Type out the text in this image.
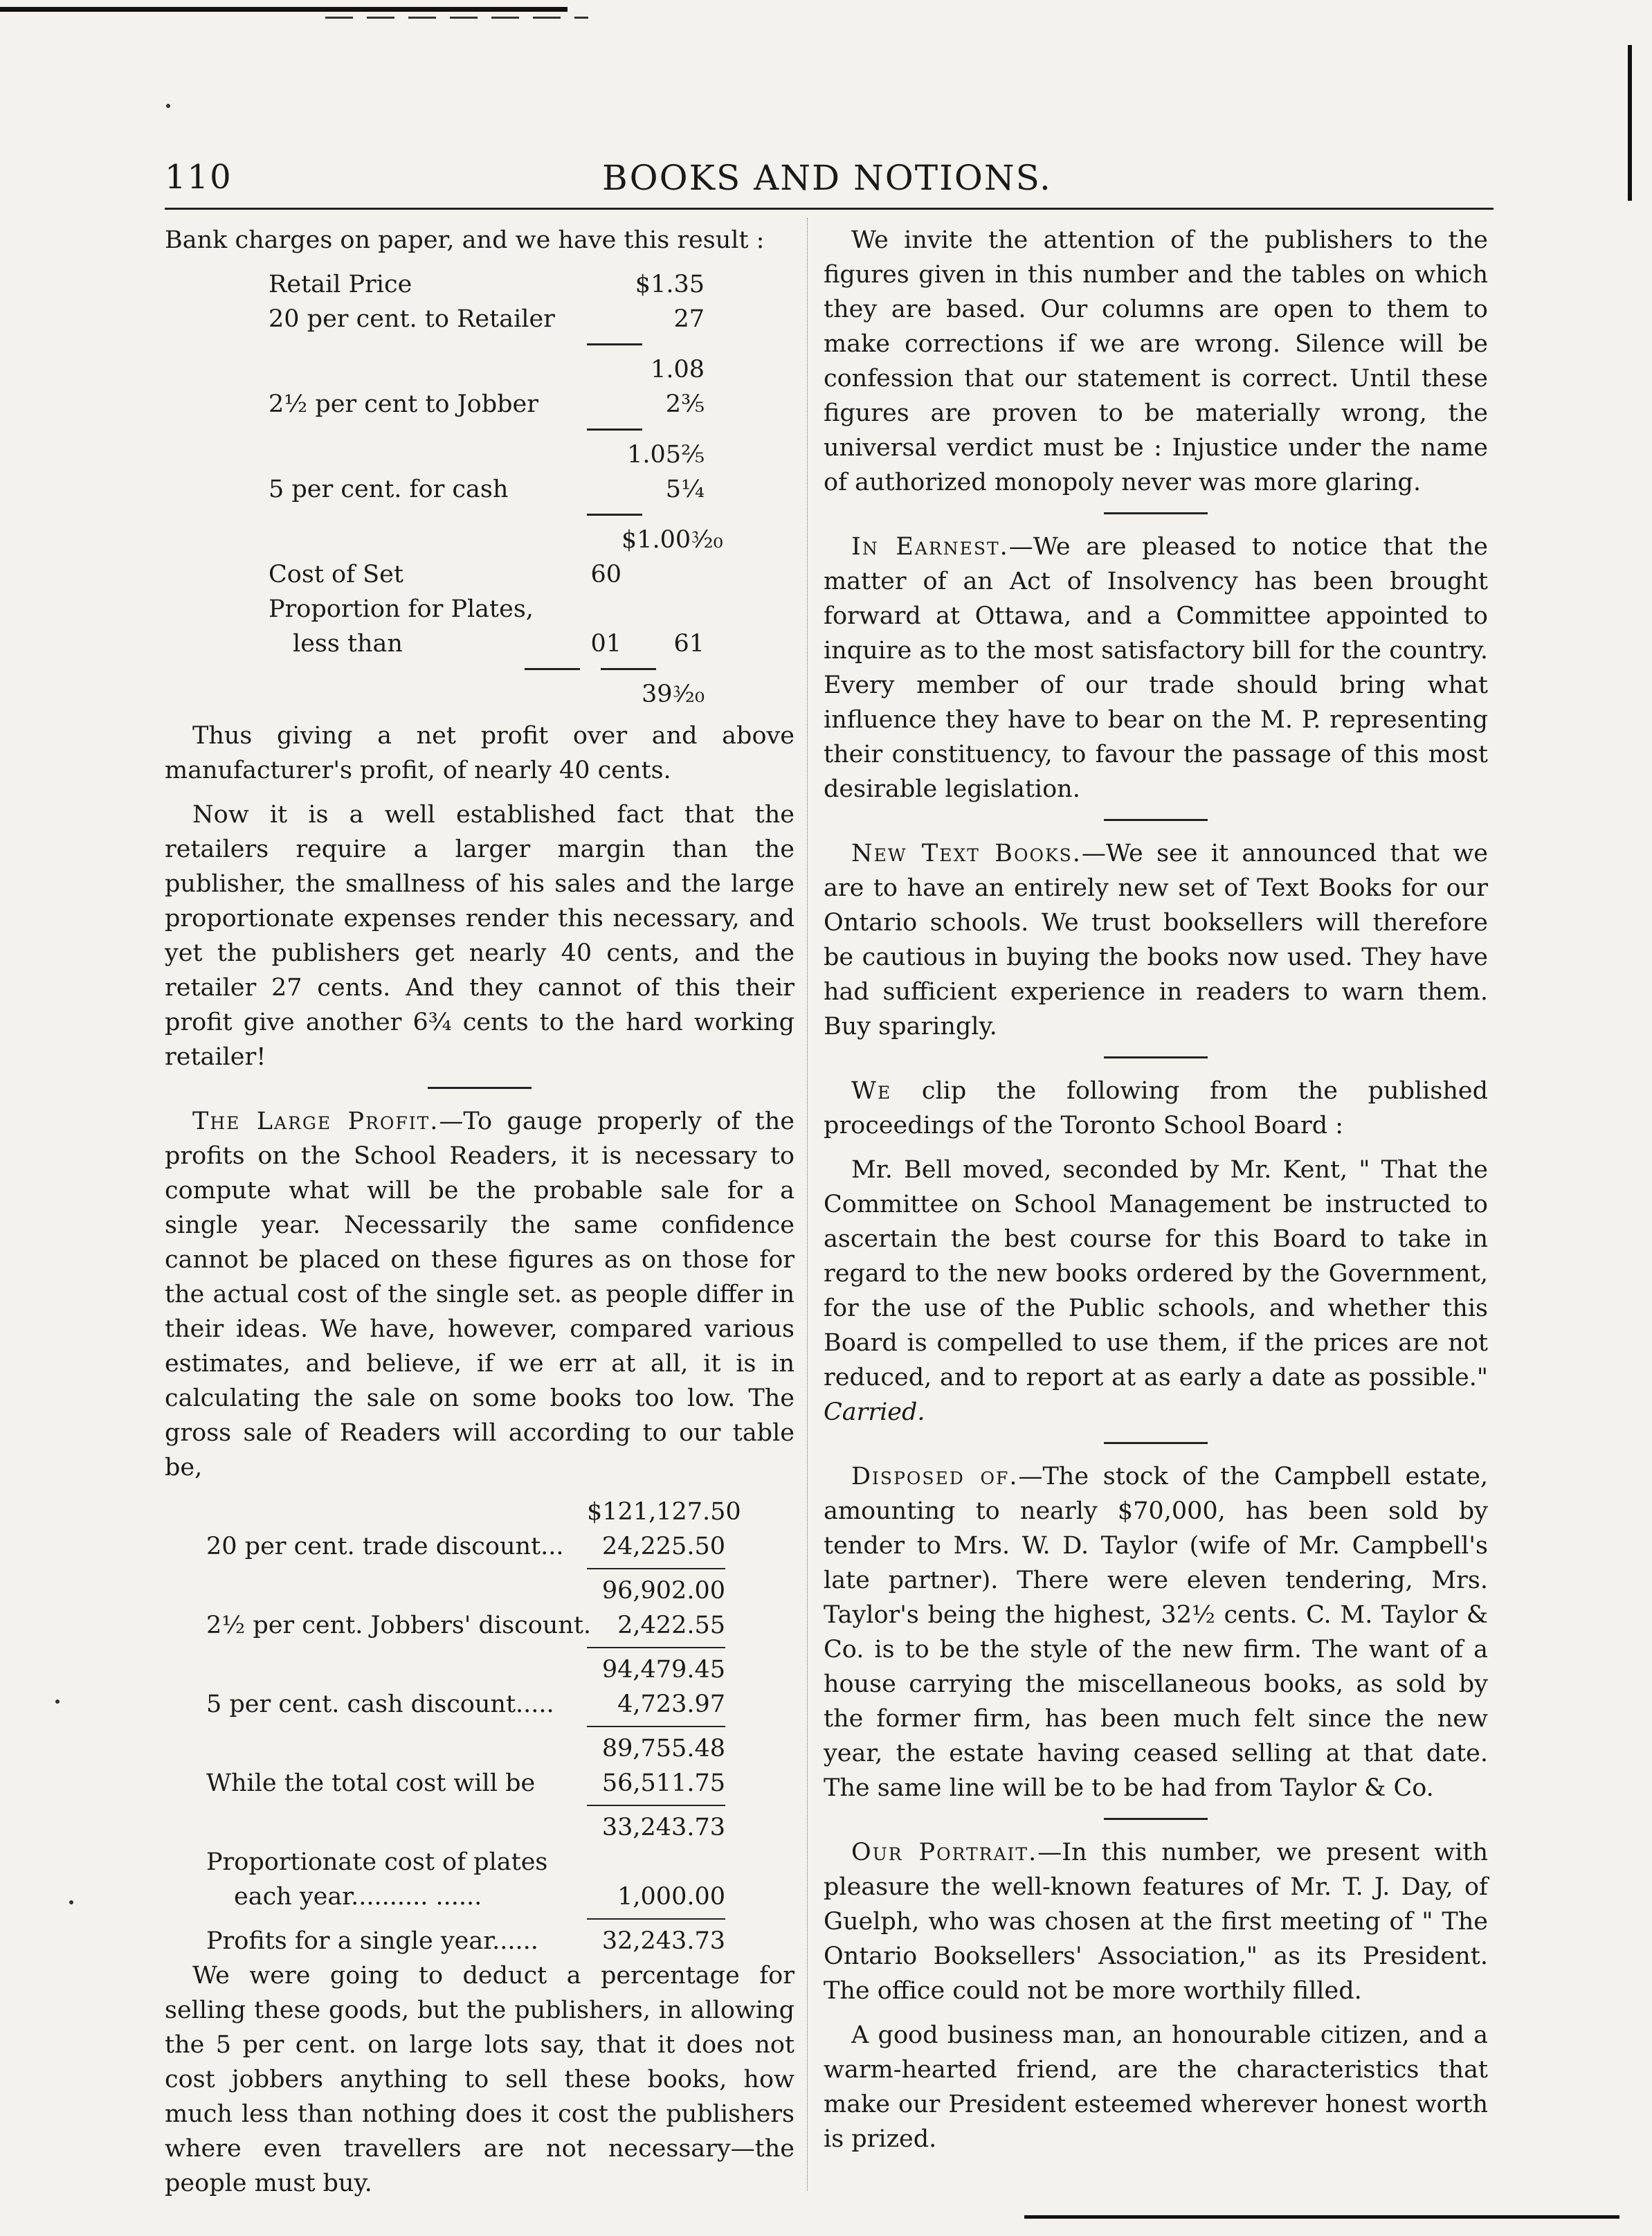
110	BOOKS AND NOTIONS.

Bank charges on paper, and we have this result :

Retail Price	$1.35
20 per cent. to Retailer	27
1.08
2½ per cent to Jobber	2⅗
1.05⅖
5 per cent. for cash	5¼
$1.00⁳⁄₂₀
Cost of Set	60
Proportion for Plates,
less than	01	61
39⁳⁄₂₀

Thus giving a net profit over and above manufacturer's profit, of nearly 40 cents.

Now it is a well established fact that the retailers require a larger margin than the publisher, the smallness of his sales and the large proportionate expenses render this necessary, and yet the publishers get nearly 40 cents, and the retailer 27 cents. And they cannot of this their profit give another 6¾ cents to the hard working retailer!

The Large Profit.—To gauge properly of the profits on the School Readers, it is necessary to compute what will be the probable sale for a single year. Necessarily the same confidence cannot be placed on these figures as on those for the actual cost of the single set. as people differ in their ideas. We have, however, compared various estimates, and believe, if we err at all, it is in calculating the sale on some books too low. The gross sale of Readers will according to our table be,

$121,127.50
20 per cent. trade discount...	24,225.50
96,902.00
2½ per cent. Jobbers' discount.	2,422.55
94,479.45
5 per cent. cash discount.....	4,723.97
89,755.48
While the total cost will be	56,511.75
33,243.73
Proportionate cost of plates
each year.......... ......	1,000.00
Profits for a single year......	32,243.73

We were going to deduct a percentage for selling these goods, but the publishers, in allowing the 5 per cent. on large lots say, that it does not cost jobbers anything to sell these books, how much less than nothing does it cost the publishers where even travellers are not necessary—the people must buy.

We invite the attention of the publishers to the figures given in this number and the tables on which they are based. Our columns are open to them to make corrections if we are wrong. Silence will be confession that our statement is correct. Until these figures are proven to be materially wrong, the universal verdict must be : Injustice under the name of authorized monopoly never was more glaring.

In Earnest.—We are pleased to notice that the matter of an Act of Insolvency has been brought forward at Ottawa, and a Committee appointed to inquire as to the most satisfactory bill for the country. Every member of our trade should bring what influence they have to bear on the M. P. representing their constituency, to favour the passage of this most desirable legislation.

New Text Books.—We see it announced that we are to have an entirely new set of Text Books for our Ontario schools. We trust booksellers will therefore be cautious in buying the books now used. They have had sufficient experience in readers to warn them. Buy sparingly.

We clip the following from the published proceedings of the Toronto School Board :

Mr. Bell moved, seconded by Mr. Kent, " That the Committee on School Management be instructed to ascertain the best course for this Board to take in regard to the new books ordered by the Government, for the use of the Public schools, and whether this Board is compelled to use them, if the prices are not reduced, and to report at as early a date as possible." Carried.

Disposed of.—The stock of the Campbell estate, amounting to nearly $70,000, has been sold by tender to Mrs. W. D. Taylor (wife of Mr. Campbell's late partner). There were eleven tendering, Mrs. Taylor's being the highest, 32½ cents. C. M. Taylor & Co. is to be the style of the new firm. The want of a house carrying the miscellaneous books, as sold by the former firm, has been much felt since the new year, the estate having ceased selling at that date. The same line will be to be had from Taylor & Co.

Our Portrait.—In this number, we present with pleasure the well-known features of Mr. T. J. Day, of Guelph, who was chosen at the first meeting of " The Ontario Booksellers' Association," as its President. The office could not be more worthily filled.

A good business man, an honourable citizen, and a warm-hearted friend, are the characteristics that make our President esteemed wherever honest worth is prized.
